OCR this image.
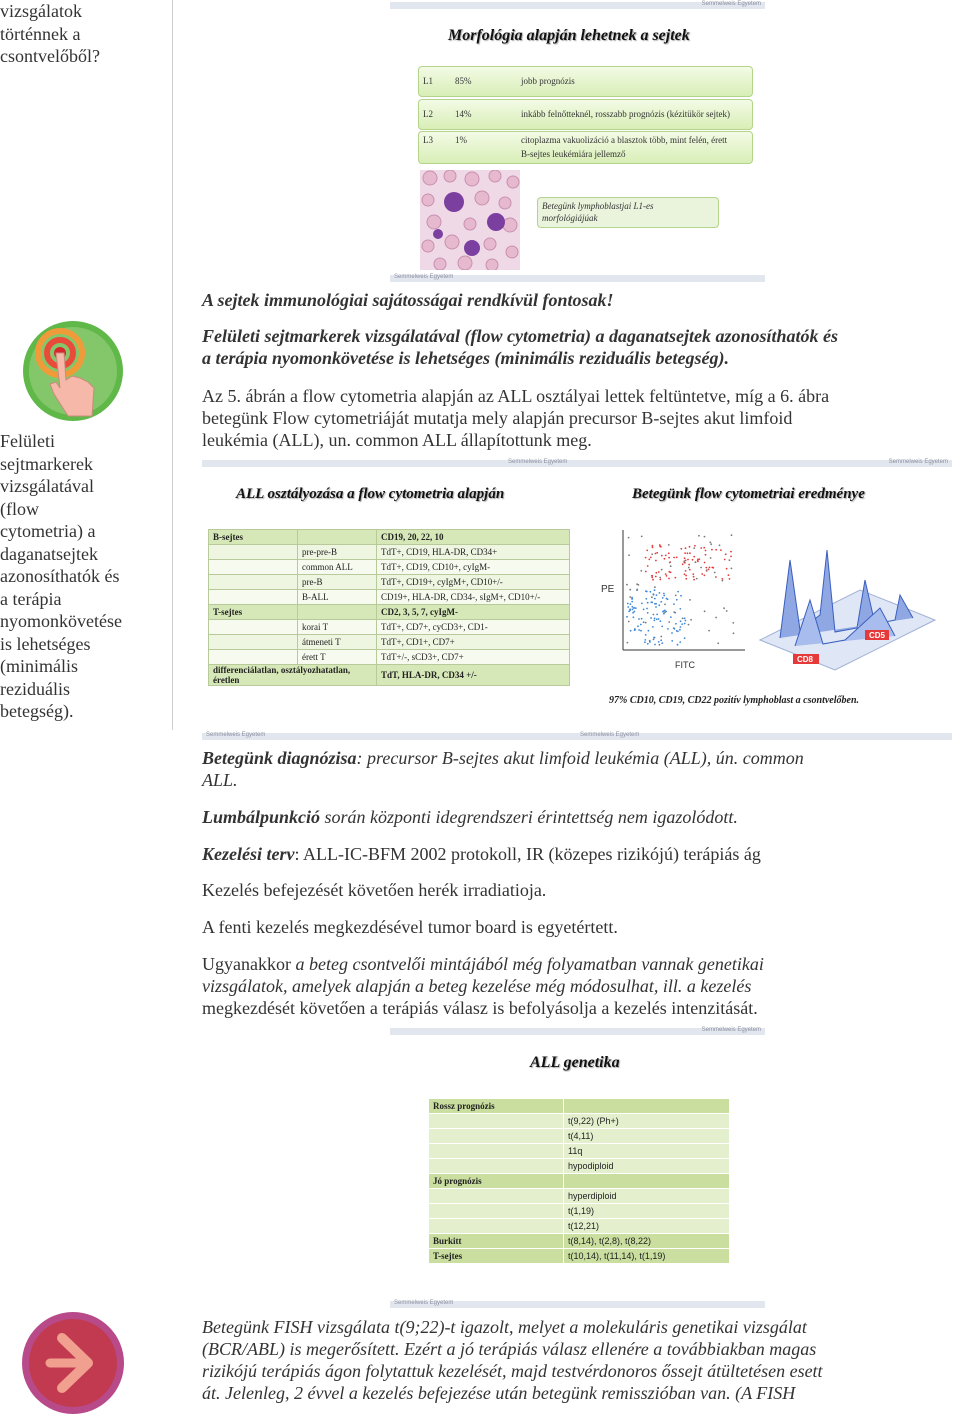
vizsgálatok
történnek a
csontvelőből?
Felületi
sejtmarkerek
vizsgálatával
(flow
cytometria) a
daganatsejtek
azonosíthatók és
a terápia
nyomonkövetése
is lehetséges
(minimális
reziduális
betegség).
Semmelweis Egyetem
Morfológia alapján lehetnek a sejtek
L1 85%	jobb prognózis
L2 14%	inkább felnőtteknél, rosszabb prognózis (kézitükör sejtek)
L3 1%	citoplazma vakuolizáció a blasztok több, mint felén, érett
B-sejtes leukémiára jellemző
Betegünk lymphoblastjai L1-es
morfológiájúak
Semmelweis Egyetem
A sejtek immunológiai sajátosságai rendkívül fontosak!
Felületi sejtmarkerek vizsgálatával (flow cytometria) a daganatsejtek azonosíthatók és
a terápia nyomonkövetése is lehetséges (minimális reziduális betegség).
Az 5. ábrán a flow cytometria alapján az ALL osztályai lettek feltüntetve, míg a 6. ábra
betegünk Flow cytometriáját mutatja mely alapján precursor B-sejtes akut limfoid
leukémia (ALL), un. common ALL állapítottunk meg.
Semmelweis Egyetem	Semmelweis Egyetem
ALL osztályozása a flow cytometria alapján	Betegünk flow cytometriai eredménye
B-sejtes		CD19, 20, 22, 10
	pre-pre-B	TdT+, CD19, HLA-DR, CD34+
	common ALL	TdT+, CD19, CD10+, cyIgM-
	pre-B	TdT+, CD19+, cyIgM+, CD10+/-
	B-ALL	CD19+, HLA-DR, CD34-, sIgM+, CD10+/-
T-sejtes		CD2, 3, 5, 7, cyIgM-
	korai T	TdT+, CD7+, cyCD3+, CD1-
	átmeneti T	TdT+, CD1+, CD7+
	érett T	TdT+/-, sCD3+, CD7+

differenciálatlan, osztályozhatatlan,
éretlen		TdT, HLA-DR, CD34 +/-
PE
FITC
CD8
CD5
97% CD10, CD19, CD22 pozitív lymphoblast a csontvelőben.
Semmelweis Egyetem	Semmelweis Egyetem
Betegünk diagnózisa: precursor B-sejtes akut limfoid leukémia (ALL), ún. common
ALL.
Lumbálpunkció során központi idegrendszeri érintettség nem igazolódott.
Kezelési terv: ALL-IC-BFM 2002 protokoll, IR (közepes rizikójú) terápiás ág
Kezelés befejezését követően herék irradiatioja.
A fenti kezelés megkezdésével tumor board is egyetértett.
Ugyanakkor a beteg csontvelői mintájából még folyamatban vannak genetikai
vizsgálatok, amelyek alapján a beteg kezelése még módosulhat, ill. a kezelés
megkezdését követően a terápiás válasz is befolyásolja a kezelés intenzitását.
Semmelweis Egyetem
ALL genetika
Rossz prognózis	
	t(9,22) (Ph+)
	t(4,11)
	11q
	hypodiploid
Jó prognózis	
	hyperdiploid
	t(1,19)
	t(12,21)
Burkitt	t(8,14), t(2,8), t(8,22)
T-sejtes	t(10,14), t(11,14), t(1,19)
Semmelweis Egyetem
Betegünk FISH vizsgálata t(9;22)-t igazolt, melyet a molekuláris genetikai vizsgálat
(BCR/ABL) is megerősített. Ezért a jó terápiás válasz ellenére a továbbiakban magas
rizikójú terápiás ágon folytattuk kezelését, majd testvérdonoros őssejt átültetésen esett
át. Jelenleg, 2 évvel a kezelés befejezése után betegünk remisszióban van. (A FISH
